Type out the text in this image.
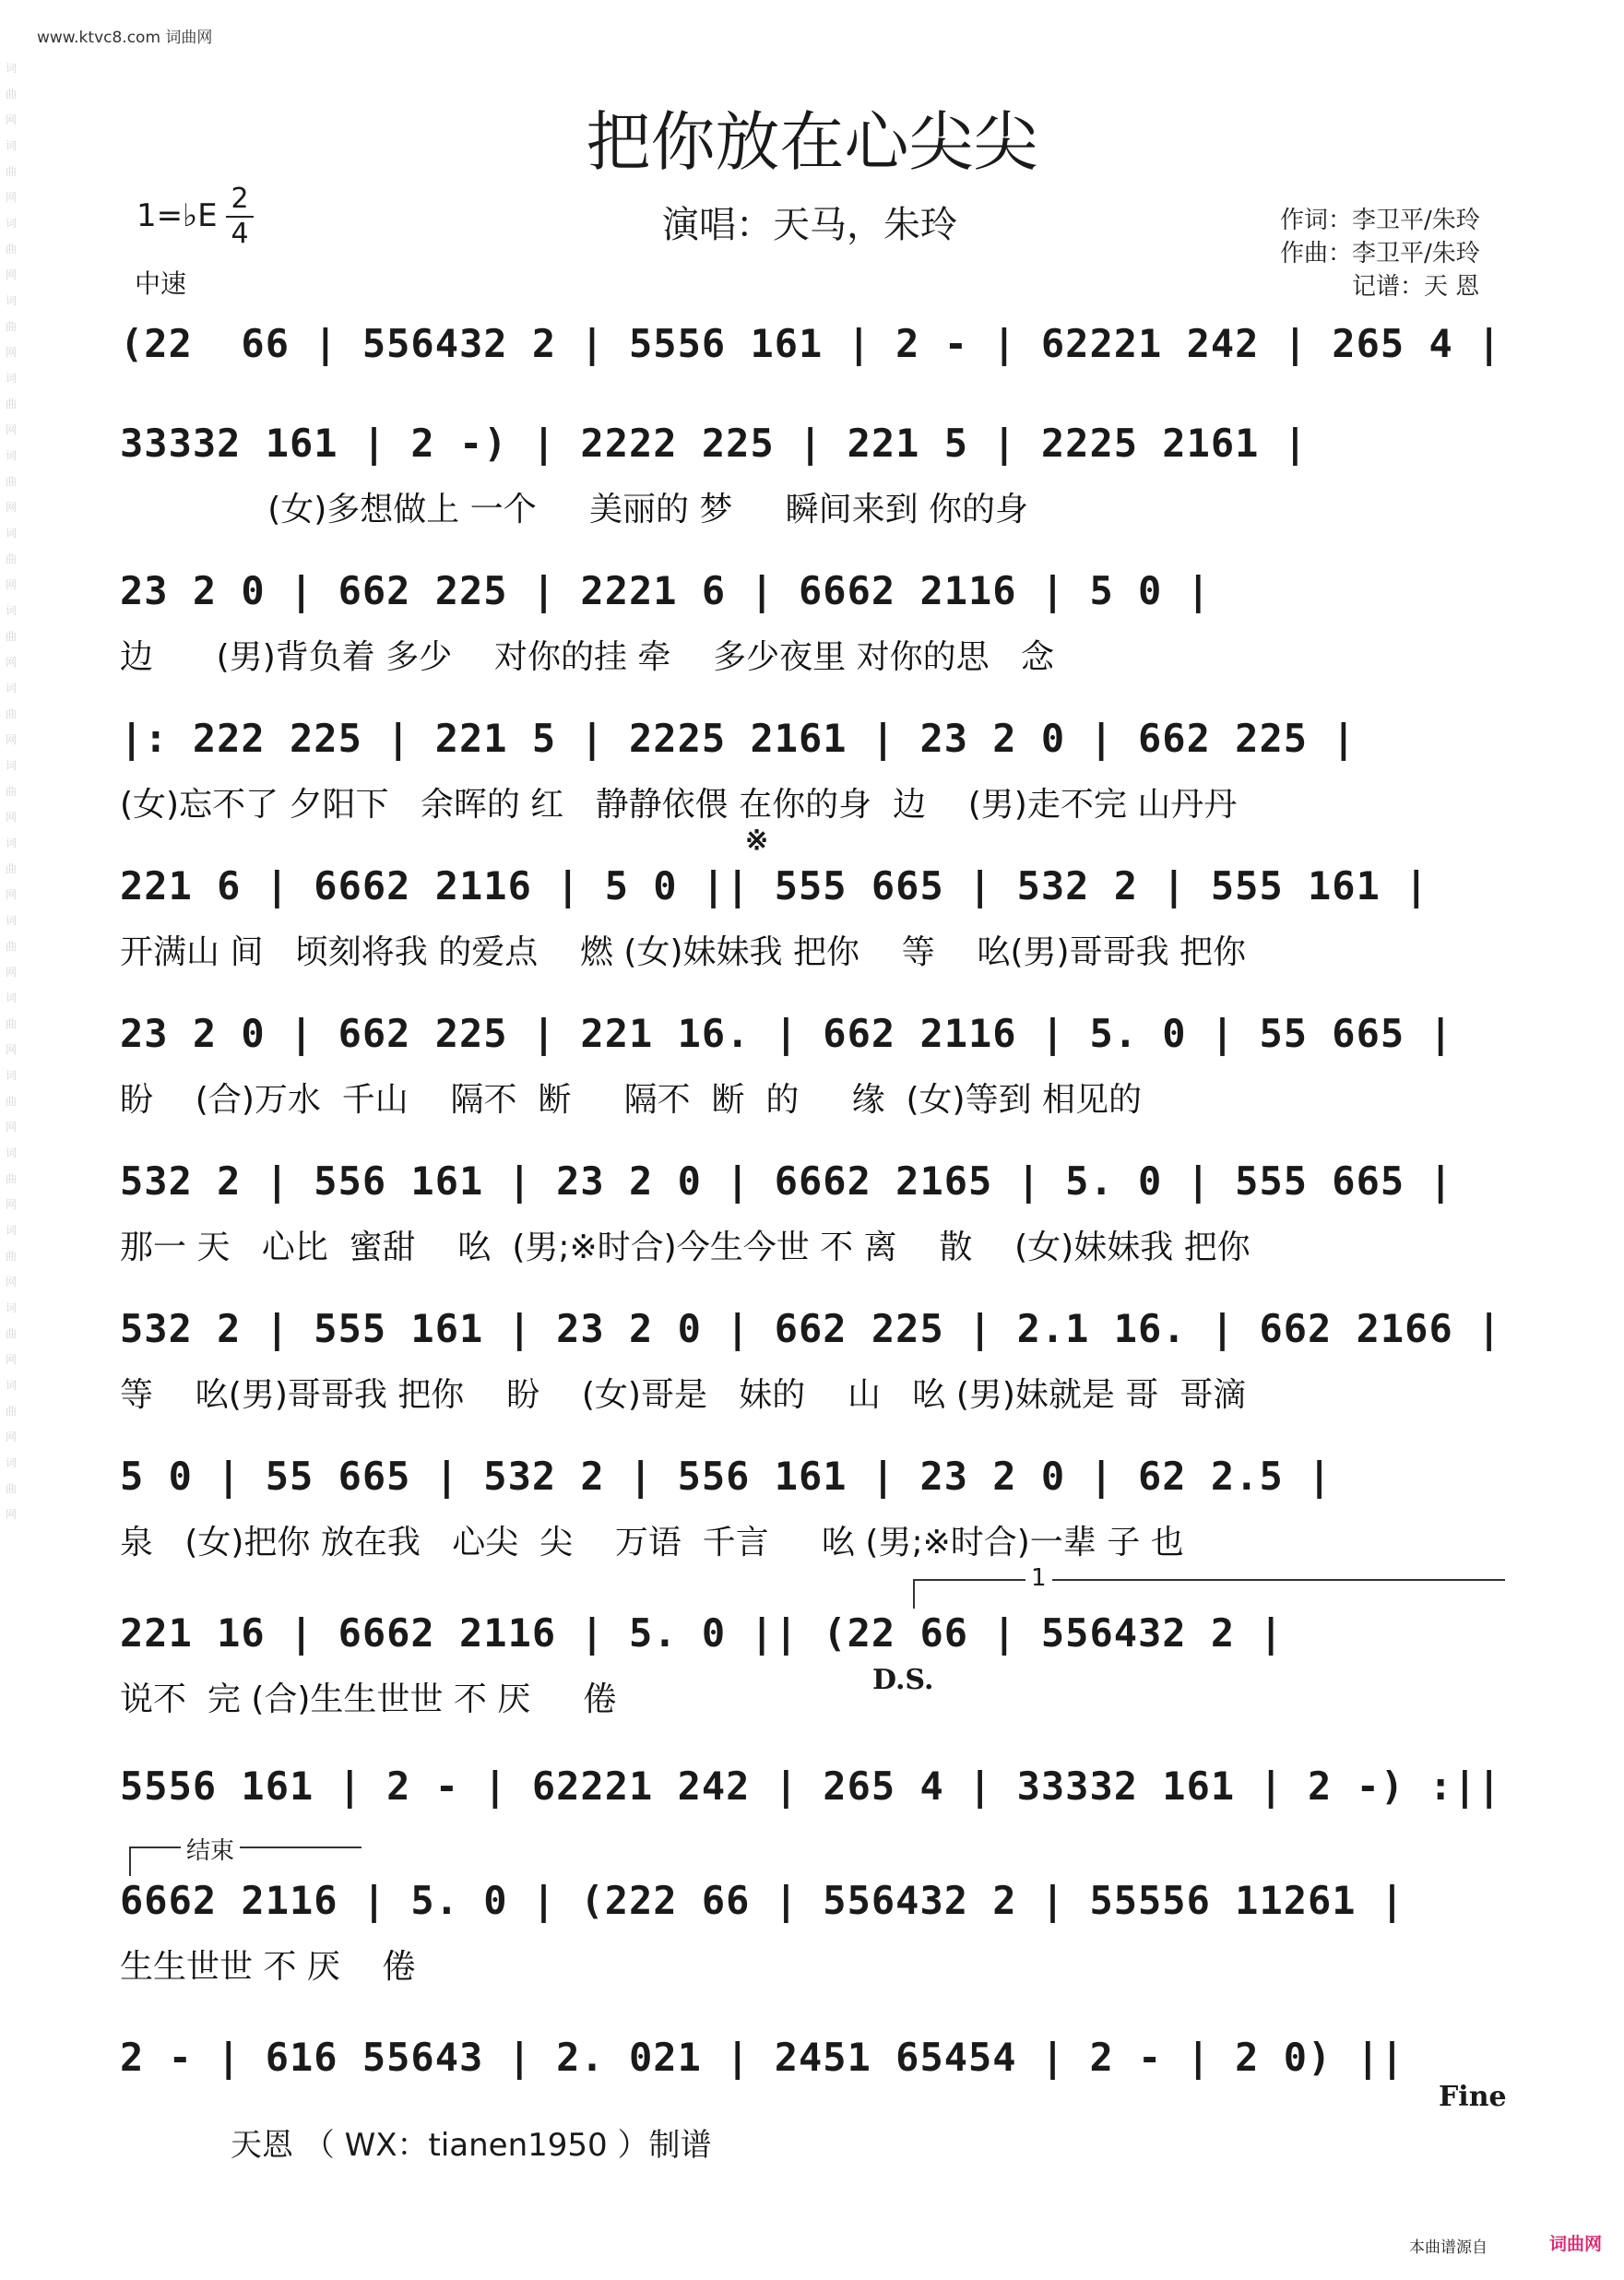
www.ktvc8.com 词曲网
词曲网词曲网词曲网词曲网词曲网词曲网词曲网词曲网词曲网词曲网词曲网词曲网词曲网词曲网词曲网词曲网词曲网词曲网词曲网
把你放在心尖尖
1=♭E 2
4
中速
演唱：天马，朱玲	作词：李卫平/朱玲
作曲：李卫平/朱玲
记谱：天 恩
(22  66 | 556432 2 | 5556 161 | 2 - | 62221 242 | 265 4 |
33332 161 | 2 -) | 2222 225 | 221 5 | 2225 2161 |
(女)多想做上 一个     美丽的 梦     瞬间来到 你的身
23 2 0 | 662 225 | 2221 6 | 6662 2116 | 5 0 |
边      (男)背负着 多少    对你的挂 牵    多少夜里 对你的思   念
|: 222 225 | 221 5 | 2225 2161 | 23 2 0 | 662 225 |
(女)忘不了 夕阳下   余晖的 红   静静依偎 在你的身  边    (男)走不完 山丹丹
※
221 6 | 6662 2116 | 5 0 || 555 665 | 532 2 | 555 161 |
开满山 间   顷刻将我 的爱点    燃 (女)妹妹我 把你    等    吆(男)哥哥我 把你
23 2 0 | 662 225 | 221 16. | 662 2116 | 5. 0 | 55 665 |
盼    (合)万水  千山    隔不  断     隔不  断  的     缘  (女)等到 相见的
532 2 | 556 161 | 23 2 0 | 6662 2165 | 5. 0 | 555 665 |
那一 天   心比  蜜甜    吆  (男;※时合)今生今世 不 离    散    (女)妹妹我 把你
532 2 | 555 161 | 23 2 0 | 662 225 | 2.1 16. | 662 2166 |
等    吆(男)哥哥我 把你    盼    (女)哥是   妹的    山   吆 (男)妹就是 哥  哥滴
5 0 | 55 665 | 532 2 | 556 161 | 23 2 0 | 62 2.5 |
泉   (女)把你 放在我   心尖  尖    万语  千言     吆 (男;※时合)一辈 子 也
1
221 16 | 6662 2116 | 5. 0 || (22 66 | 556432 2 |
D.S.
说不  完 (合)生生世世 不 厌     倦
5556 161 | 2 - | 62221 242 | 265 4 | 33332 161 | 2 -) :||
结束
6662 2116 | 5. 0 | (222 66 | 556432 2 | 55556 11261 |
生生世世 不 厌    倦
2 - | 616 55643 | 2. 021 | 2451 65454 | 2 - | 2 0) ||
Fine
天恩 （ WX：tianen1950 ）制谱
本曲谱源自	词曲网
